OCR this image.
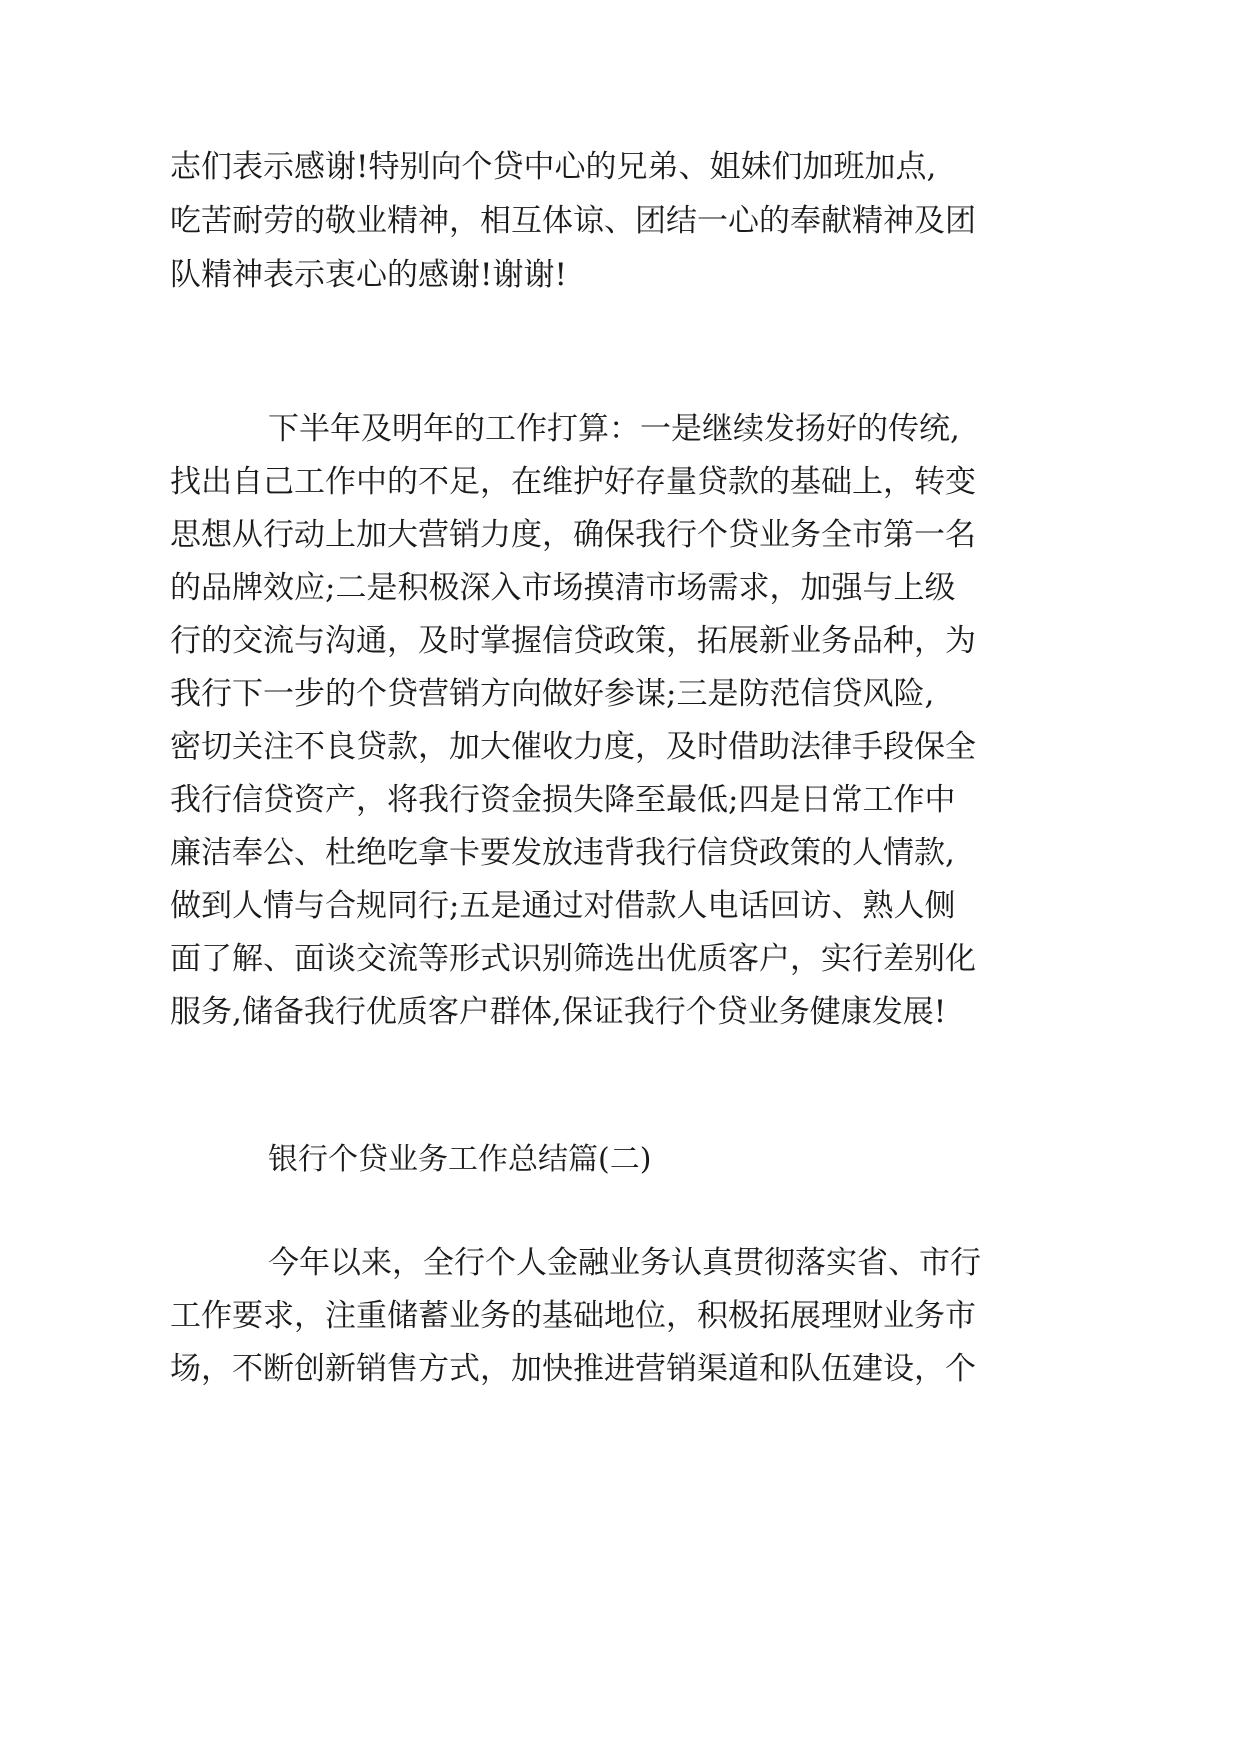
志们表示感谢!特别向个贷中心的兄弟、姐妹们加班加点,
吃苦耐劳的敬业精神，相互体谅、团结一心的奉献精神及团
队精神表示衷心的感谢!谢谢!
下半年及明年的工作打算：一是继续发扬好的传统,
找出自己工作中的不足，在维护好存量贷款的基础上，转变
思想从行动上加大营销力度，确保我行个贷业务全市第一名
的品牌效应;二是积极深入市场摸清市场需求，加强与上级
行的交流与沟通，及时掌握信贷政策，拓展新业务品种，为
我行下一步的个贷营销方向做好参谋;三是防范信贷风险,
密切关注不良贷款，加大催收力度，及时借助法律手段保全
我行信贷资产，将我行资金损失降至最低;四是日常工作中
廉洁奉公、杜绝吃拿卡要发放违背我行信贷政策的人情款,
做到人情与合规同行;五是通过对借款人电话回访、熟人侧
面了解、面谈交流等形式识别筛选出优质客户，实行差别化
服务,储备我行优质客户群体,保证我行个贷业务健康发展!
银行个贷业务工作总结篇(二)
今年以来，全行个人金融业务认真贯彻落实省、市行
工作要求，注重储蓄业务的基础地位，积极拓展理财业务市
场，不断创新销售方式，加快推进营销渠道和队伍建设，个
